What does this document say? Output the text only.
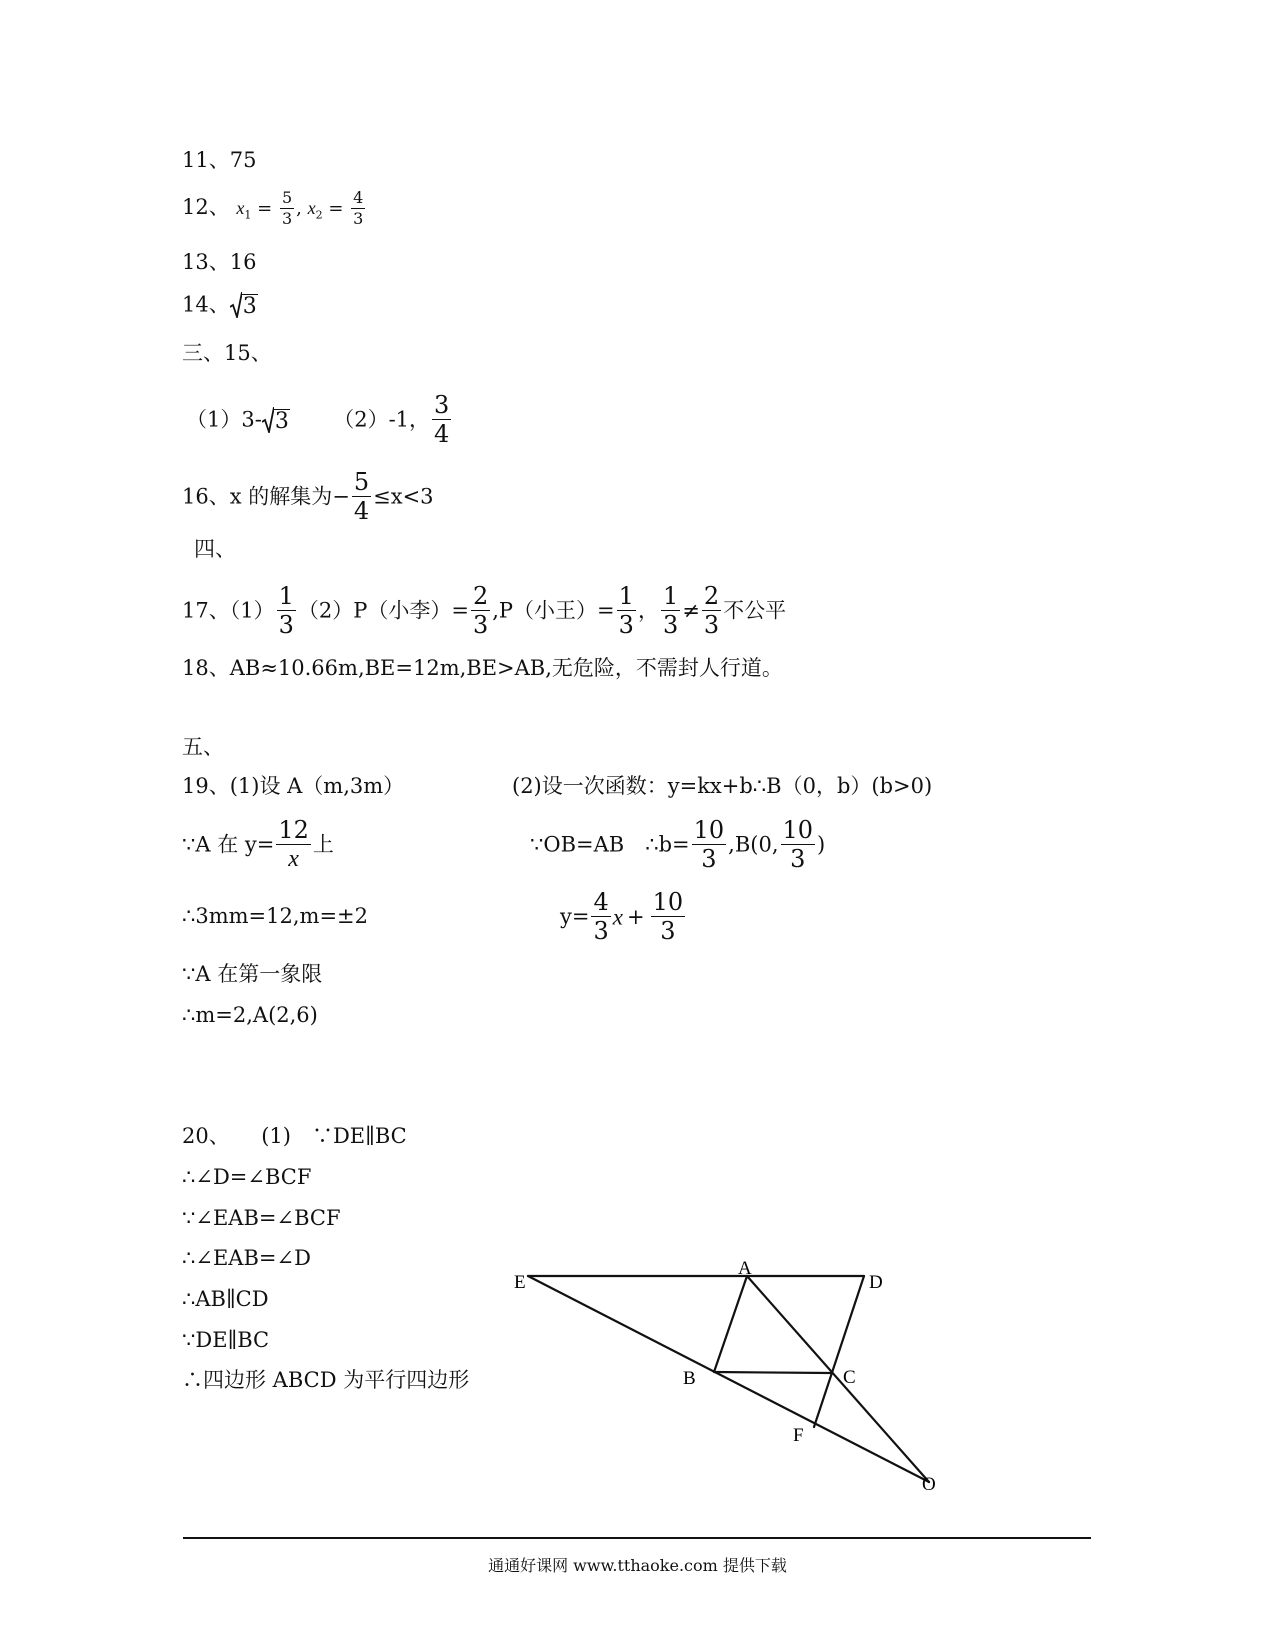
11、75
12、 $x_1 = \frac{5}{3}$ , $x_2 = \frac{4}{3}$
13、16
14、 3
三、15、
（1）3- 3 （2）-1， $\frac{3}{4}$
16、x 的解集为− $\frac{5}{4} \le x<3$
四、
17、$(1) \frac{1}{3} (2)P$（小李）= $\frac{2}{3} ,P$（小王）= $\frac{1}{3}$ ， $\frac{1}{3} \ne \frac{2}{3}$ 不公平
18、AB≈10.66m,BE=12m,BE>AB,无危险，不需封人行道。
五、
19、(1)设 A（m,3m）
∵A 在 $y= \frac{12}{x}$ 上
∴3mm=12,m=±2
∵A 在第一象限
∴m=2,A(2,6)
(2)设一次函数：y=kx+b∴B（0，b）(b>0)
∵OB=AB　∴b= $\frac{10}{3} ,B(0$, $\frac{10}{3}$ )
$y= \frac{4}{3}$ $x + \frac{10}{3}$
20、　　(1)　∵DE∥BC
∴∠D=∠BCF
∵∠EAB=∠BCF
∴∠EAB=∠D
∴AB∥CD
∵DE∥BC
∴四边形 ABCD 为平行四边形
E
A
D
B	C
F
O
通通好课网 www.tthaoke.com 提供下载
